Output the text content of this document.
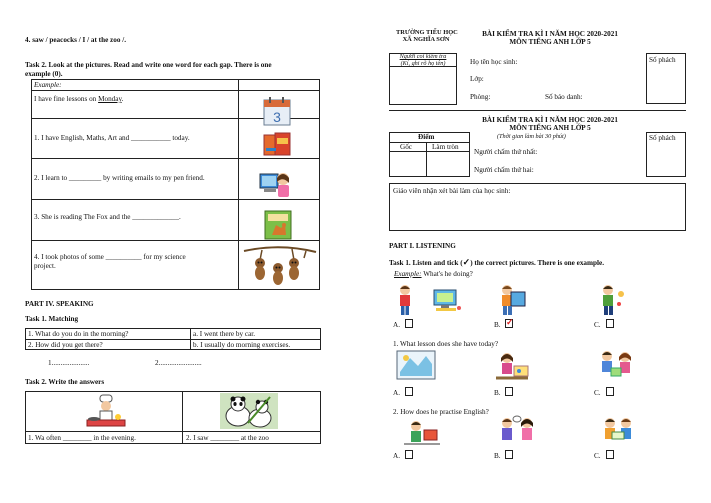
4. saw / peacocks / I / at the zoo /.
Task 2. Look at the pictures. Read and write one word for each gap. There is one
example (0).
Example:
I have fine lessons on Monday.
1. I have English, Maths, Art and ___________ today.
2. I learn to _________ by writing emails to my pen friend.
3. She is reading The Fox and the _____________.
4. I took photos of some __________ for my science
project.
3
PART IV. SPEAKING
Task 1. Matching
1. What do you do in the morning?	a. I went there by car.
2. How did you get there?	b. I usually do morning exercises.
1.....................	2........................
Task 2. Write the answers
1. Wa often ________ in the evening.	2. I saw ________ at the zoo
TRƯỜNG TIỂU HỌC
XÃ NGHĨA SƠN
Người coi kiểm tra
(Kí, ghi rõ họ tên)
BÀI KIỂM TRA KÌ I NĂM HỌC 2020-2021
MÔN TIẾNG ANH LỚP 5
Họ tên học sinh:
Lớp:
Phòng:	Số báo danh:
Số phách
BÀI KIỂM TRA KÌ I NĂM HỌC 2020-2021
MÔN TIẾNG ANH LỚP 5
(Thời gian làm bài 30 phút)
Điểm
Gốc	Làm tròn
Người chấm thứ nhất:
Người chấm thứ hai:
Số phách
Giáo viên nhận xét bài làm của học sinh:
PART I. LISTENING
Task 1. Listen and tick (✓) the correct pictures. There is one example.
Example: What's he doing?
A.	B. ✓	C.
1. What lesson does she have today?
A.	B.	C.
2. How does he practise English?
A.	B.	C.
